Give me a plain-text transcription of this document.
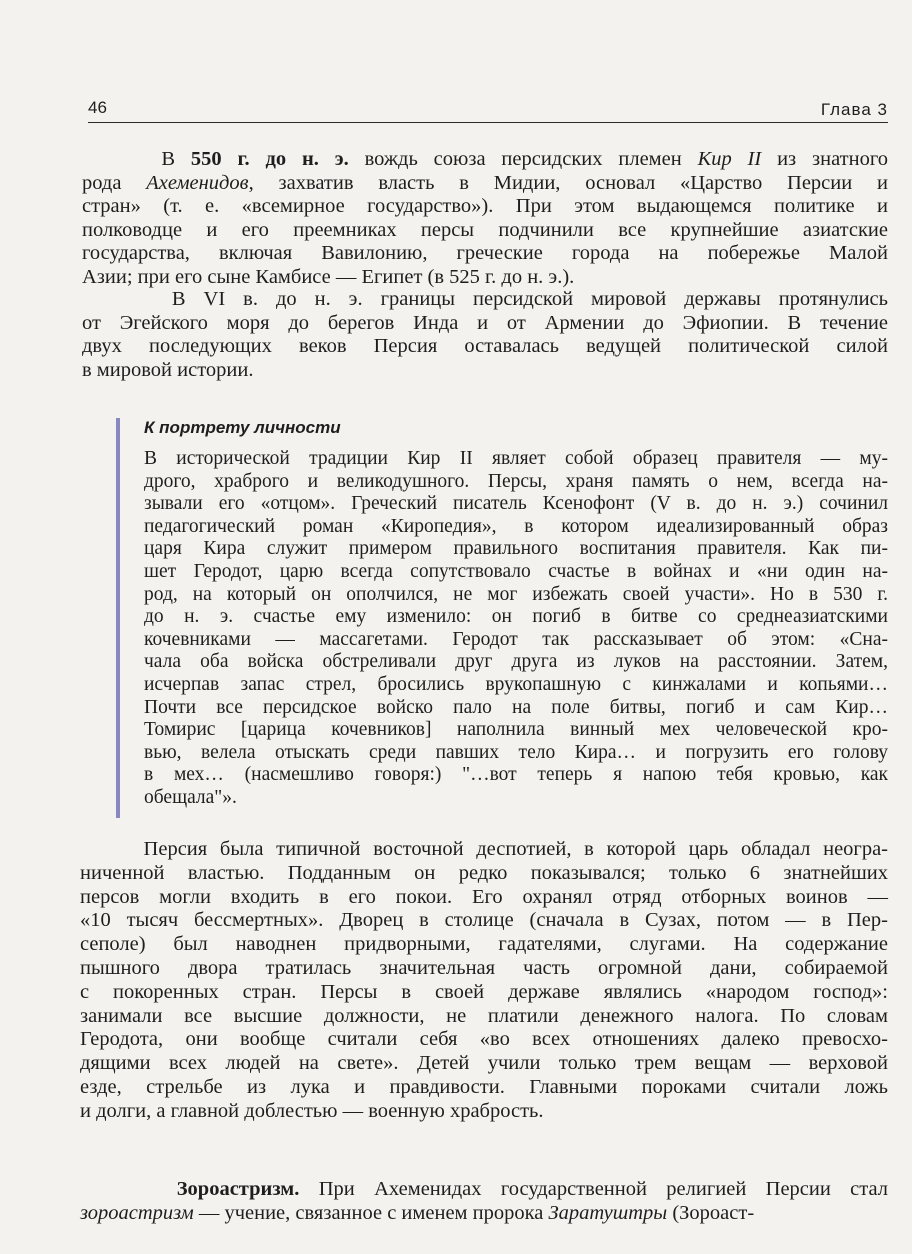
46	Глава 3
В 550 г. до н. э. вождь союза персидских племен Кир II из знатного
рода Ахеменидов, захватив власть в Мидии, основал «Царство Персии и
стран» (т. е. «всемирное государство»). При этом выдающемся политике и
полководце и его преемниках персы подчинили все крупнейшие азиатские
государства, включая Вавилонию, греческие города на побережье Малой
Азии; при его сыне Камбисе — Египет (в 525 г. до н. э.).
В VI в. до н. э. границы персидской мировой державы протянулись
от Эгейского моря до берегов Инда и от Армении до Эфиопии. В течение
двух последующих веков Персия оставалась ведущей политической силой
в мировой истории.
К портрету личности
В исторической традиции Кир II являет собой образец правителя — му-
дрого, храброго и великодушного. Персы, храня память о нем, всегда на-
зывали его «отцом». Греческий писатель Ксенофонт (V в. до н. э.) сочинил
педагогический роман «Киропедия», в котором идеализированный образ
царя Кира служит примером правильного воспитания правителя. Как пи-
шет Геродот, царю всегда сопутствовало счастье в войнах и «ни один на-
род, на который он ополчился, не мог избежать своей участи». Но в 530 г.
до н. э. счастье ему изменило: он погиб в битве со среднеазиатскими
кочевниками — массагетами. Геродот так рассказывает об этом: «Сна-
чала оба войска обстреливали друг друга из луков на расстоянии. Затем,
исчерпав запас стрел, бросились врукопашную с кинжалами и копьями…
Почти все персидское войско пало на поле битвы, погиб и сам Кир…
Томирис [царица кочевников] наполнила винный мех человеческой кро-
вью, велела отыскать среди павших тело Кира… и погрузить его голову
в мех… (насмешливо говоря:) "…вот теперь я напою тебя кровью, как
обещала"».
Персия была типичной восточной деспотией, в которой царь обладал неогра-
ниченной властью. Подданным он редко показывался; только 6 знатнейших
персов могли входить в его покои. Его охранял отряд отборных воинов —
«10 тысяч бессмертных». Дворец в столице (сначала в Сузах, потом — в Пер-
сеполе) был наводнен придворными, гадателями, слугами. На содержание
пышного двора тратилась значительная часть огромной дани, собираемой
с покоренных стран. Персы в своей державе являлись «народом господ»:
занимали все высшие должности, не платили денежного налога. По словам
Геродота, они вообще считали себя «во всех отношениях далеко превосхо-
дящими всех людей на свете». Детей учили только трем вещам — верховой
езде, стрельбе из лука и правдивости. Главными пороками считали ложь
и долги, а главной доблестью — военную храбрость.
Зороастризм. При Ахеменидах государственной религией Персии стал
зороастризм — учение, связанное с именем пророка Заратуштры (Зороаст-
